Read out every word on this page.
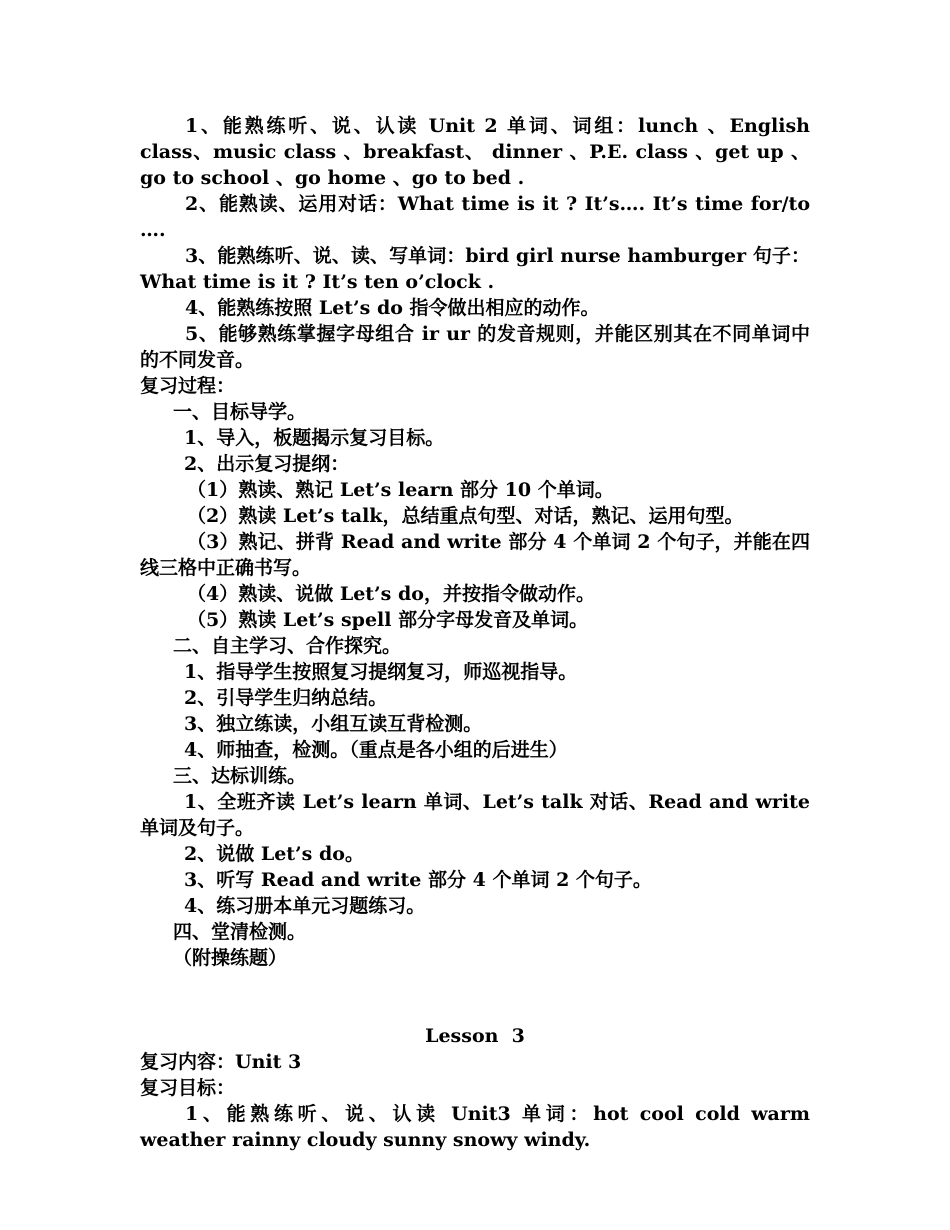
1、能熟练听、说、认读 Unit 2 单词、词组：lunch 、English class、music class 、breakfast、 dinner 、P.E. class 、get up 、go to school 、go home 、go to bed .

2、能熟读、运用对话：What time is it ? It’s…. It’s time for/to ….

3、能熟练听、说、读、写单词：bird girl nurse hamburger 句子：What time is it ? It’s ten o’clock .

4、能熟练按照 Let’s do 指令做出相应的动作。

5、能够熟练掌握字母组合 ir ur 的发音规则，并能区别其在不同单词中的不同发音。

复习过程：

一、目标导学。

1、导入，板题揭示复习目标。

2、出示复习提纲：

（1）熟读、熟记 Let’s learn 部分 10 个单词。

（2）熟读 Let’s talk，总结重点句型、对话，熟记、运用句型。

（3）熟记、拼背 Read and write 部分 4 个单词 2 个句子，并能在四线三格中正确书写。

（4）熟读、说做 Let’s do，并按指令做动作。

（5）熟读 Let’s spell 部分字母发音及单词。

二、自主学习、合作探究。

1、指导学生按照复习提纲复习，师巡视指导。

2、引导学生归纳总结。

3、独立练读，小组互读互背检测。

4、师抽查，检测。（重点是各小组的后进生）

三、达标训练。

1、全班齐读 Let’s learn 单词、Let’s talk 对话、Read and write 单词及句子。

2、说做 Let’s do。

3、听写 Read and write 部分 4 个单词 2 个句子。

4、练习册本单元习题练习。

四、堂清检测。

（附操练题）

Lesson  3

复习内容：Unit 3

复习目标：

1、能熟练听、说、认读 Unit3 单词：hot cool cold warm weather rainny cloudy sunny snowy windy.
